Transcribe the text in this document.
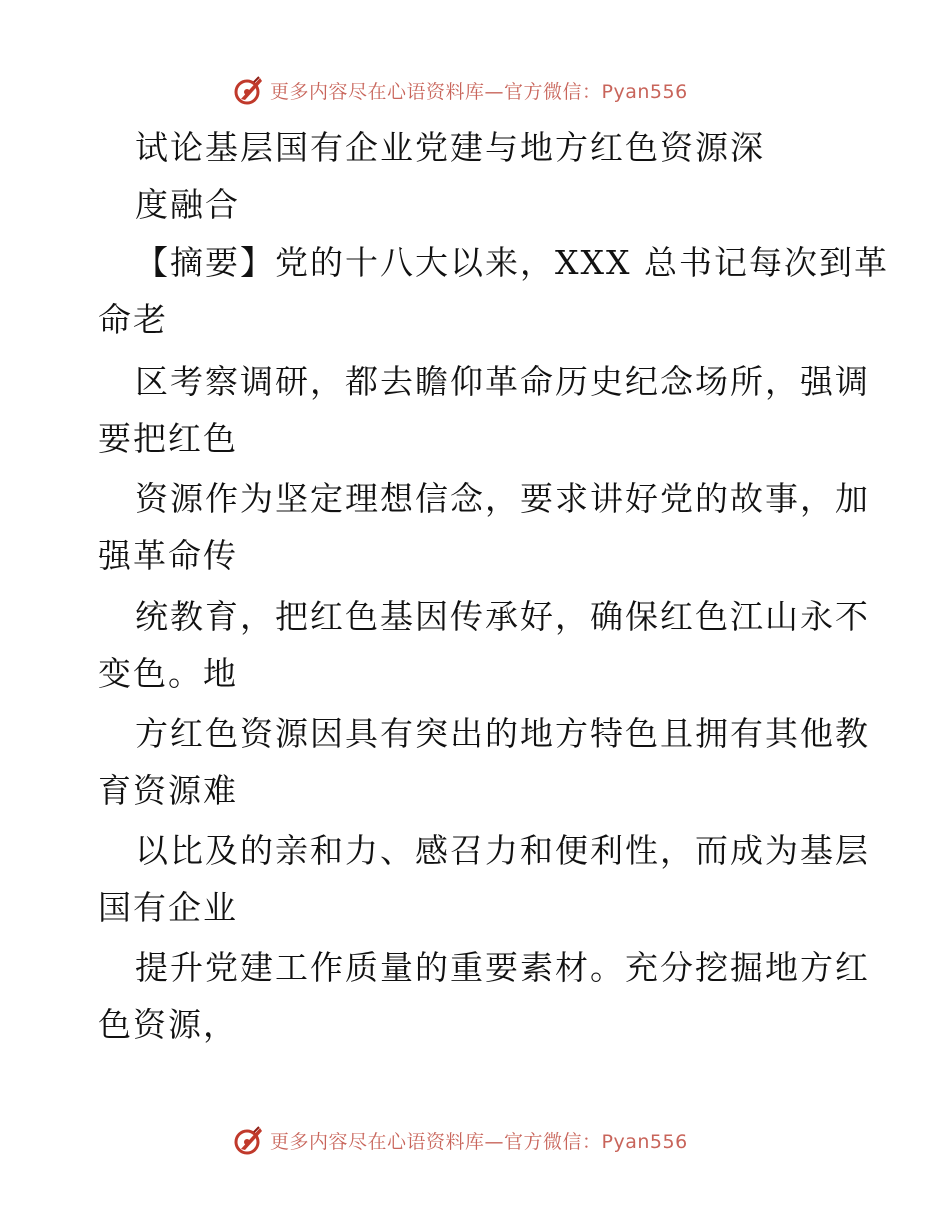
更多内容尽在心语资料库—官方微信：Pyan556
试论基层国有企业党建与地方红色资源深
度融合
【摘要】党的十八大以来，XXX 总书记每次到革
命老
区考察调研，都去瞻仰革命历史纪念场所，强调
要把红色
资源作为坚定理想信念，要求讲好党的故事，加
强革命传
统教育，把红色基因传承好，确保红色江山永不
变色。地
方红色资源因具有突出的地方特色且拥有其他教
育资源难
以比及的亲和力、感召力和便利性，而成为基层
国有企业
提升党建工作质量的重要素材。充分挖掘地方红
色资源，
更多内容尽在心语资料库—官方微信：Pyan556
